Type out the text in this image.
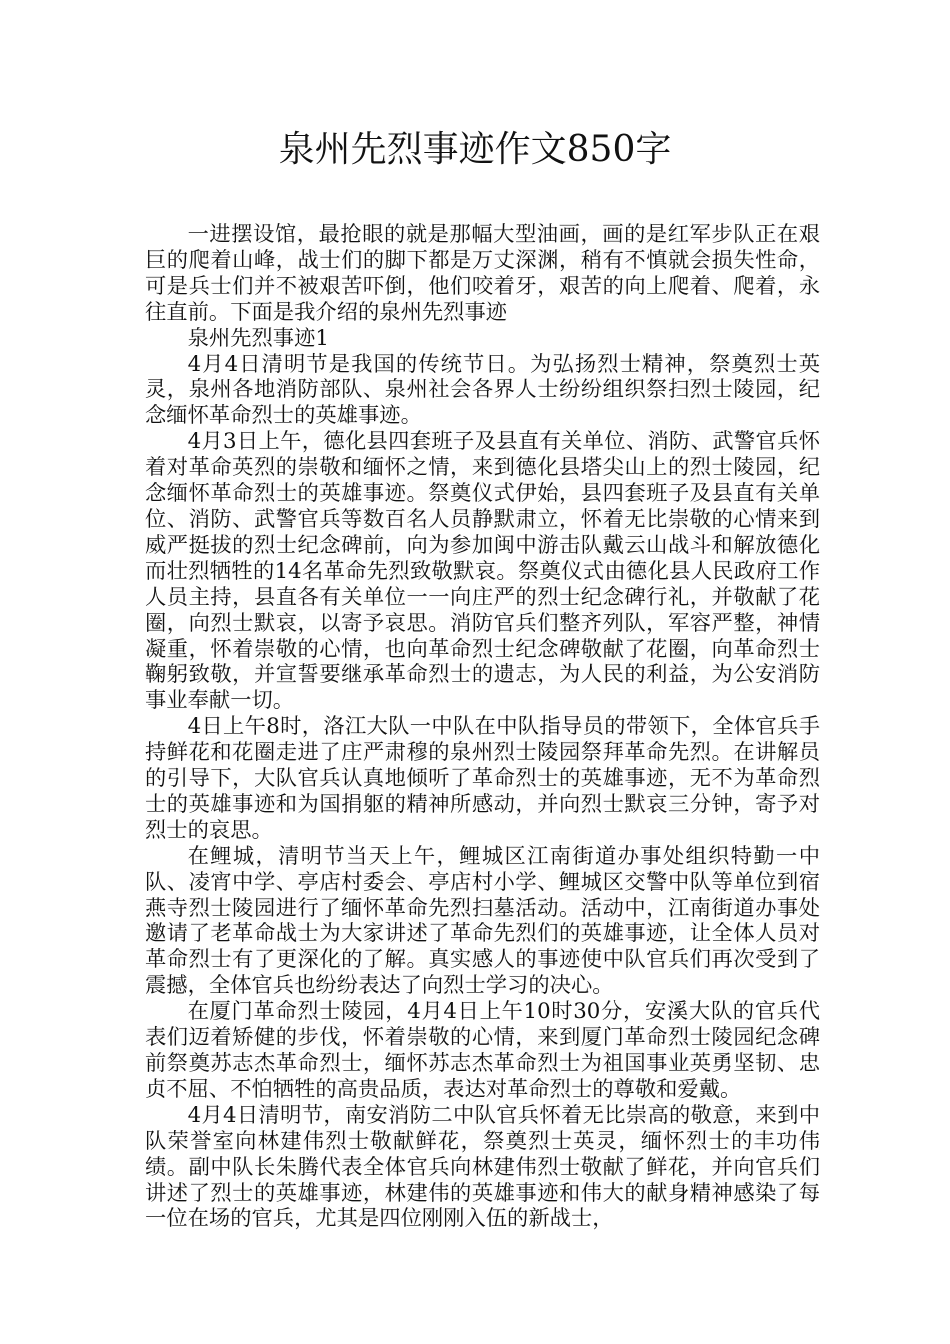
泉州先烈事迹作文850字

一进摆设馆，最抢眼的就是那幅大型油画，画的是红军步队正在艰巨的爬着山峰，战士们的脚下都是万丈深渊，稍有不慎就会损失性命，可是兵士们并不被艰苦吓倒，他们咬着牙，艰苦的向上爬着、爬着，永往直前。下面是我介绍的泉州先烈事迹

泉州先烈事迹1

4月4日清明节是我国的传统节日。为弘扬烈士精神，祭奠烈士英灵，泉州各地消防部队、泉州社会各界人士纷纷组织祭扫烈士陵园，纪念缅怀革命烈士的英雄事迹。

4月3日上午，德化县四套班子及县直有关单位、消防、武警官兵怀着对革命英烈的崇敬和缅怀之情，来到德化县塔尖山上的烈士陵园，纪念缅怀革命烈士的英雄事迹。祭奠仪式伊始，县四套班子及县直有关单位、消防、武警官兵等数百名人员静默肃立，怀着无比崇敬的心情来到威严挺拔的烈士纪念碑前，向为参加闽中游击队戴云山战斗和解放德化而壮烈牺牲的14名革命先烈致敬默哀。祭奠仪式由德化县人民政府工作人员主持，县直各有关单位一一向庄严的烈士纪念碑行礼，并敬献了花圈，向烈士默哀，以寄予哀思。消防官兵们整齐列队，军容严整，神情凝重，怀着崇敬的心情，也向革命烈士纪念碑敬献了花圈，向革命烈士鞠躬致敬，并宣誓要继承革命烈士的遗志，为人民的利益，为公安消防事业奉献一切。

4日上午8时，洛江大队一中队在中队指导员的带领下，全体官兵手持鲜花和花圈走进了庄严肃穆的泉州烈士陵园祭拜革命先烈。在讲解员的引导下，大队官兵认真地倾听了革命烈士的英雄事迹，无不为革命烈士的英雄事迹和为国捐躯的精神所感动，并向烈士默哀三分钟，寄予对烈士的哀思。

在鲤城，清明节当天上午，鲤城区江南街道办事处组织特勤一中队、凌宵中学、亭店村委会、亭店村小学、鲤城区交警中队等单位到宿燕寺烈士陵园进行了缅怀革命先烈扫墓活动。活动中，江南街道办事处邀请了老革命战士为大家讲述了革命先烈们的英雄事迹，让全体人员对革命烈士有了更深化的了解。真实感人的事迹使中队官兵们再次受到了震撼，全体官兵也纷纷表达了向烈士学习的决心。

在厦门革命烈士陵园，4月4日上午10时30分，安溪大队的官兵代表们迈着矫健的步伐，怀着崇敬的心情，来到厦门革命烈士陵园纪念碑前祭奠苏志杰革命烈士，缅怀苏志杰革命烈士为祖国事业英勇坚韧、忠贞不屈、不怕牺牲的高贵品质，表达对革命烈士的尊敬和爱戴。

4月4日清明节，南安消防二中队官兵怀着无比崇高的敬意，来到中队荣誉室向林建伟烈士敬献鲜花，祭奠烈士英灵，缅怀烈士的丰功伟绩。副中队长朱腾代表全体官兵向林建伟烈士敬献了鲜花，并向官兵们讲述了烈士的英雄事迹，林建伟的英雄事迹和伟大的献身精神感染了每一位在场的官兵，尤其是四位刚刚入伍的新战士，
